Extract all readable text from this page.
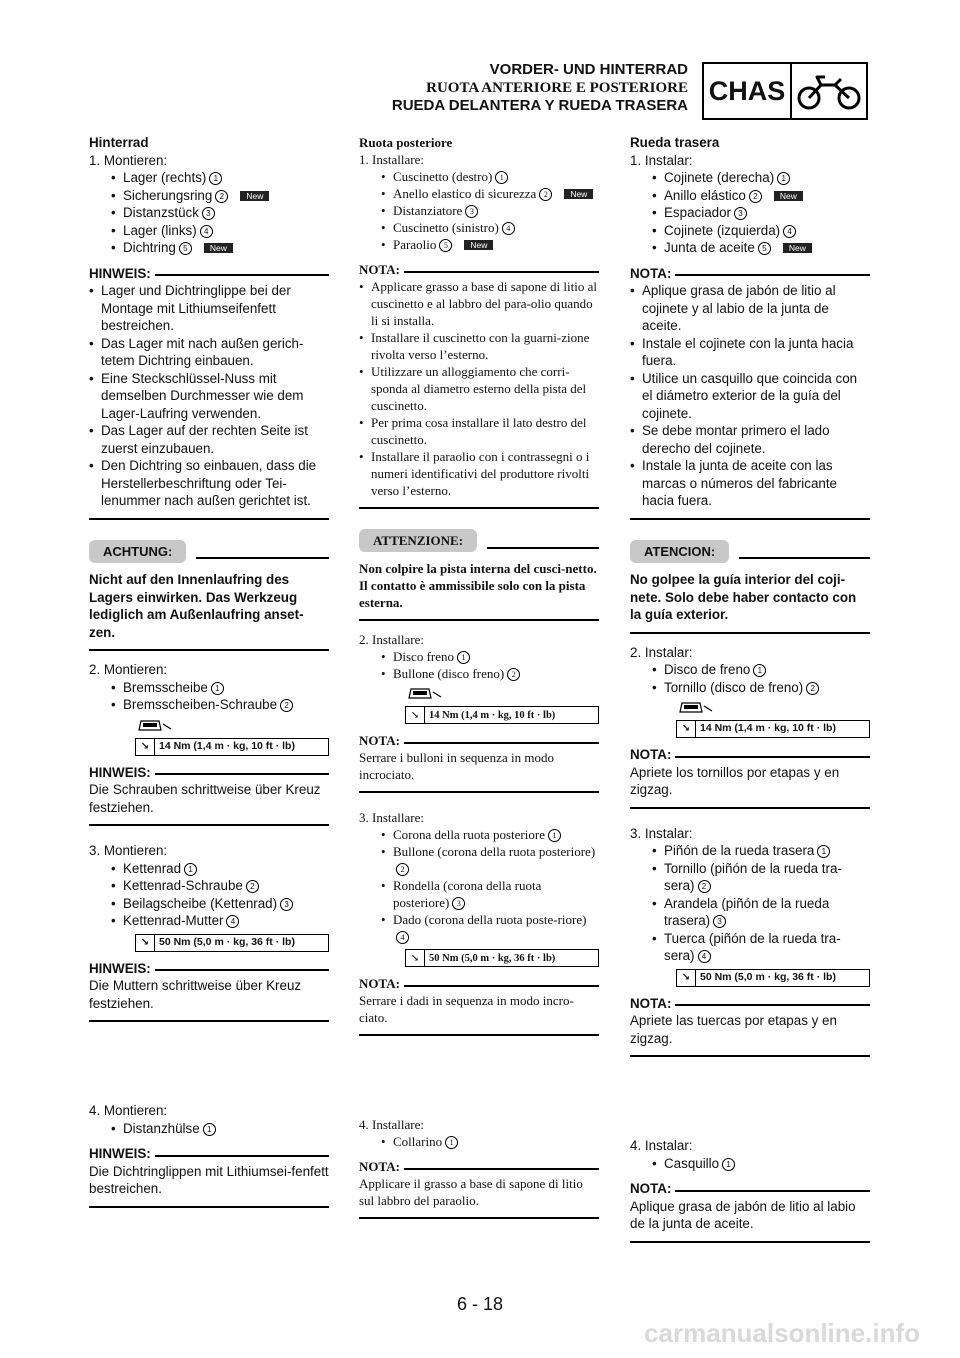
VORDER- UND HINTERRAD
RUOTA ANTERIORE E POSTERIORE
RUEDA DELANTERA Y RUEDA TRASERA CHAS

Hinterrad

1. Montieren:

• Lager (rechts) 1
• Sicherungsring 2	New
• Distanzstück 3
• Lager (links) 4
• Dichtring 5	New
HINWEIS:
• Lager und Dichtringlippe bei der Montage mit Lithiumseifenfett bestreichen.
• Das Lager mit nach außen gerich-tetem Dichtring einbauen.
• Eine Steckschlüssel-Nuss mit demselben Durchmesser wie dem Lager-Laufring verwenden.
• Das Lager auf der rechten Seite ist zuerst einzubauen.
• Den Dichtring so einbauen, dass die Herstellerbeschriftung oder Tei-lenummer nach außen gerichtet ist.
ACHTUNG:
Nicht auf den Innenlaufring des Lagers einwirken. Das Werkzeug lediglich am Außenlaufring anset-zen.

2. Montieren:

• Bremsscheibe 1
• Bremsscheiben-Schraube 2
↘ 14 Nm (1,4 m · kg, 10 ft · lb)
HINWEIS:
Die Schrauben schrittweise über Kreuz festziehen.

3. Montieren:

• Kettenrad 1
• Kettenrad-Schraube 2
• Beilagscheibe (Kettenrad) 3
• Kettenrad-Mutter 4
↘ 50 Nm (5,0 m · kg, 36 ft · lb)
HINWEIS:
Die Muttern schrittweise über Kreuz festziehen.

4. Montieren:

• Distanzhülse 1
HINWEIS:
Die Dichtringlippen mit Lithiumsei-fenfett bestreichen.

Ruota posteriore

1. Installare:

• Cuscinetto (destro) 1
• Anello elastico di sicurezza 2	New
• Distanziatore 3
• Cuscinetto (sinistro) 4
• Paraolio 5	New
NOTA:
• Applicare grasso a base di sapone di litio al cuscinetto e al labbro del para-olio quando li si installa.
• Installare il cuscinetto con la guarni-zione rivolta verso l’esterno.
• Utilizzare un alloggiamento che corri-sponda al diametro esterno della pista del cuscinetto.
• Per prima cosa installare il lato destro del cuscinetto.
• Installare il paraolio con i contrassegni o i numeri identificativi del produttore rivolti verso l’esterno.
ATTENZIONE:
Non colpire la pista interna del cusci-netto. Il contatto è ammissibile solo con la pista esterna.

2. Installare:

• Disco freno 1
• Bullone (disco freno) 2
↘ 14 Nm (1,4 m · kg, 10 ft · lb)
NOTA:
Serrare i bulloni in sequenza in modo incrociato.

3. Installare:

• Corona della ruota posteriore 1
• Bullone (corona della ruota posteriore)2
• Rondella (corona della ruota posteriore) 3
• Dado (corona della ruota poste-riore)4
↘ 50 Nm (5,0 m · kg, 36 ft · lb)
NOTA:
Serrare i dadi in sequenza in modo incro-ciato.

4. Installare:

• Collarino 1
NOTA:
Applicare il grasso a base di sapone di litio sul labbro del paraolio.

Rueda trasera

1. Instalar:

• Cojinete (derecha) 1
• Anillo elástico 2	New
• Espaciador 3
• Cojinete (izquierda) 4
• Junta de aceite 5	New
NOTA:
• Aplique grasa de jabón de litio al cojinete y al labio de la junta de aceite.
• Instale el cojinete con la junta hacia fuera.
• Utilice un casquillo que coincida con el diámetro exterior de la guía del cojinete.
• Se debe montar primero el lado derecho del cojinete.
• Instale la junta de aceite con las marcas o números del fabricante hacia fuera.
ATENCION:
No golpee la guía interior del coji-nete. Solo debe haber contacto con la guía exterior.

2. Instalar:

• Disco de freno 1
• Tornillo (disco de freno) 2
↘ 14 Nm (1,4 m · kg, 10 ft · lb)
NOTA:
Apriete los tornillos por etapas y en zigzag.

3. Instalar:

• Piñón de la rueda trasera 1
• Tornillo (piñón de la rueda tra-sera) 2
• Arandela (piñón de la rueda trasera) 3
• Tuerca (piñón de la rueda tra-sera) 4
↘ 50 Nm (5,0 m · kg, 36 ft · lb)
NOTA:
Apriete las tuercas por etapas y en zigzag.

4. Instalar:

• Casquillo 1
NOTA:
Aplique grasa de jabón de litio al labio de la junta de aceite.
6 - 18
carmanualsonline.info
